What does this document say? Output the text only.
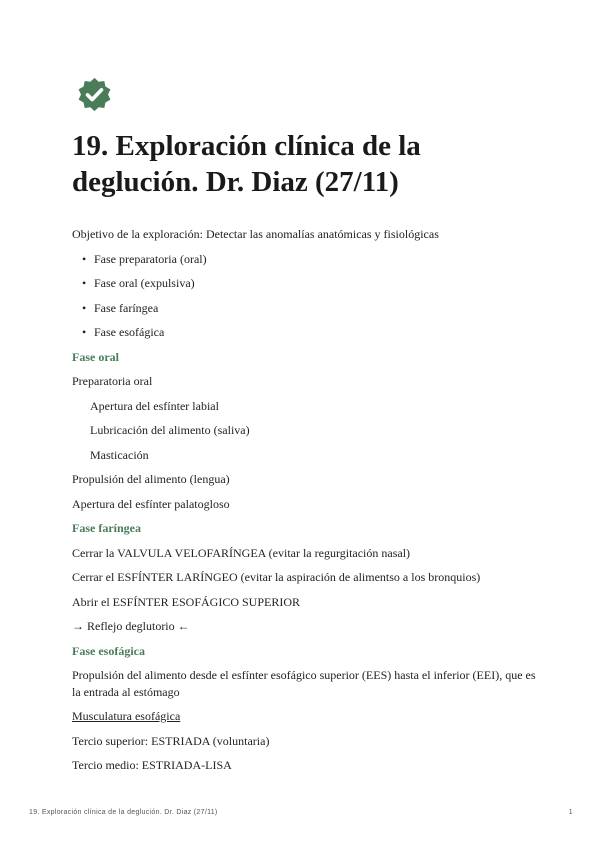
19. Exploración clínica de la deglución. Dr. Diaz (27/11)

Objetivo de la exploración: Detectar las anomalías anatómicas y fisiológicas

• Fase preparatoria (oral)
• Fase oral (expulsiva)
• Fase faríngea
• Fase esofágica

Fase oral

Preparatoria oral

Apertura del esfínter labial

Lubricación del alimento (saliva)

Masticación

Propulsión del alimento (lengua)

Apertura del esfínter palatogloso

Fase faríngea

Cerrar la VALVULA VELOFARÍNGEA (evitar la regurgitación nasal)

Cerrar el ESFÍNTER LARÍNGEO (evitar la aspiración de alimentso a los bronquios)

Abrir el ESFÍNTER ESOFÁGICO SUPERIOR

→ Reflejo deglutorio ←

Fase esofágica

Propulsión del alimento desde el esfínter esofágico superior (EES) hasta el inferior (EEI), que es la entrada al estómago

Musculatura esofágica

Tercio superior: ESTRIADA (voluntaria)

Tercio medio: ESTRIADA-LISA

19. Exploración clínica de la deglución. Dr. Diaz (27/11)	1
